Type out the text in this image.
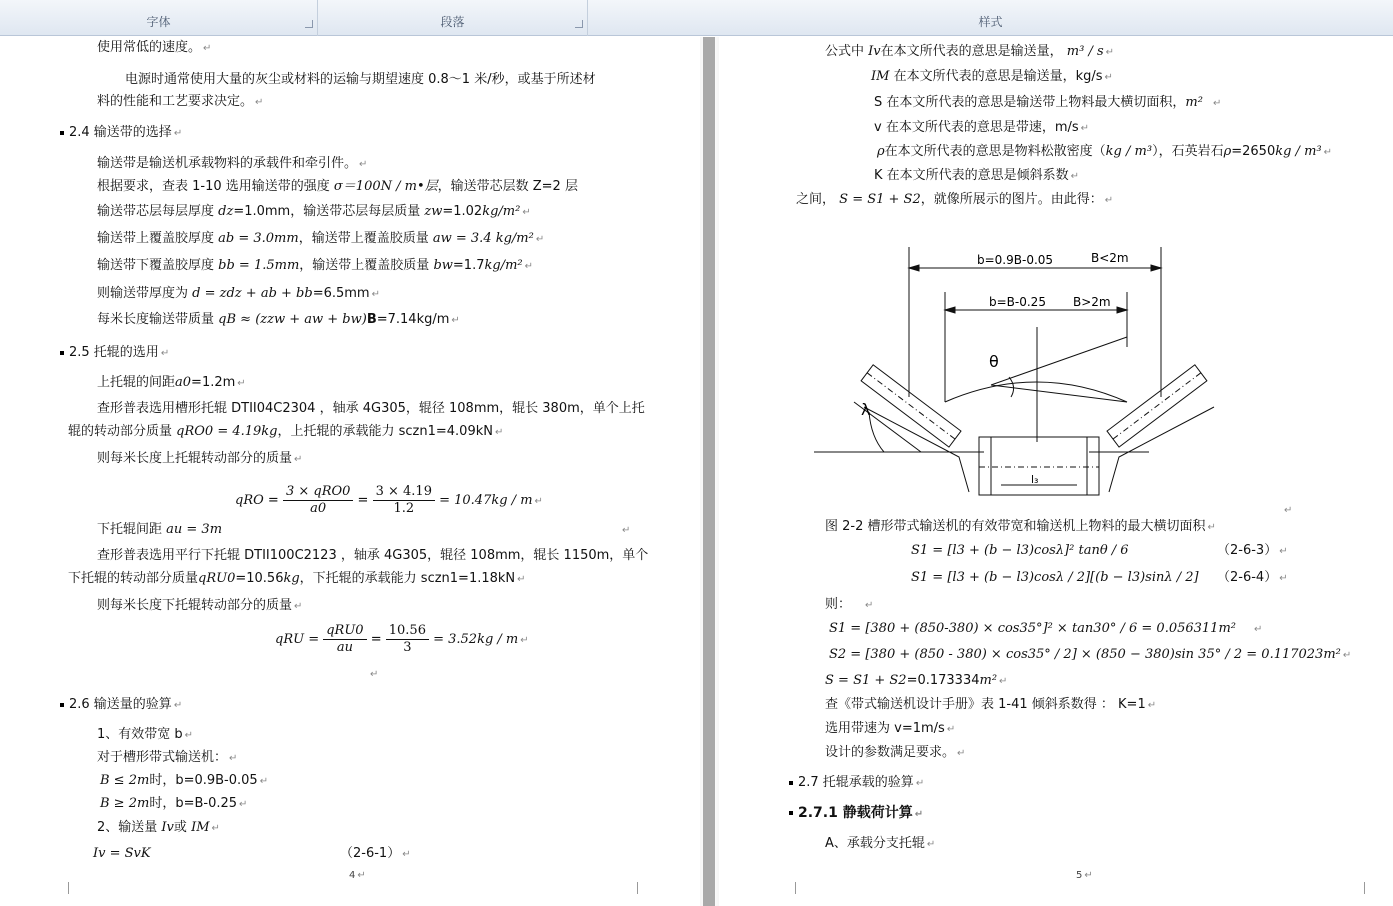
字体	段落	样式
使用常低的速度。 ↵
电源时通常使用大量的灰尘或材料的运输与期望速度 0.8～1 米/秒，或基于所述材
料的性能和工艺要求决定。 ↵
2.4 输送带的选择 ↵
输送带是输送机承载物料的承载件和牵引件。 ↵
根据要求，查表 1-10 选用输送带的强度 σ＝100N / m•层，输送带芯层数 Z=2 层
输送带芯层每层厚度 dz=1.0mm，输送带芯层每层质量 zw=1.02kg/m² ↵
输送带上覆盖胶厚度 ab = 3.0mm，输送带上覆盖胶质量 aw = 3.4 kg/m² ↵
输送带下覆盖胶厚度 bb = 1.5mm，输送带上覆盖胶质量 bw=1.7kg/m² ↵
则输送带厚度为 d = zdz + ab + bb=6.5mm ↵
每米长度输送带质量 qB ≈ (zzw + aw + bw)B=7.14kg/m ↵
2.5 托辊的选用 ↵
上托辊的间距a0=1.2m ↵
查形普表选用槽形托辊 DTII04C2304 ，轴承 4G305，辊径 108mm，辊长 380m，单个上托
辊的转动部分质量 qRO0 = 4.19kg，上托辊的承载能力 sczn1=4.09kN ↵
则每米长度上托辊转动部分的质量 ↵
qRO = $\frac{\text{3 × qRO0}}{a0} = \frac{3 \times 4.19}{1.2} = 10.47kg / m$ ↵
下托辊间距 au = 3m	↵
查形普表选用平行下托辊 DTII100C2123 ，轴承 4G305，辊径 108mm，辊长 1150m，单个
下托辊的转动部分质量qRU0=10.56kg，下托辊的承载能力 sczn1=1.18kN ↵
则每米长度下托辊转动部分的质量 ↵
qRU = $\frac{\text{qRU0}}{au} = \frac{10.56}{3} = 3.52kg / m$ ↵
↵
2.6 输送量的验算 ↵
1、有效带宽 b ↵
对于槽形带式输送机： ↵
B ≤ 2m时，b=0.9B-0.05 ↵
B ≥ 2m时，b=B-0.25 ↵
2、输送量 Iv或 IM ↵
Iv = SvK	（2-6-1） ↵
4 ↵
公式中 Iv在本文所代表的意思是输送量， m³ / s ↵
IM 在本文所代表的意思是输送量，kg/s ↵
S 在本文所代表的意思是输送带上物料最大横切面积，m² ↵
v 在本文所代表的意思是带速，m/s ↵
ρ在本文所代表的意思是物料松散密度（kg / m³），石英岩石ρ=2650kg / m³ ↵
K 在本文所代表的意思是倾斜系数 ↵
之间， S = S1 + S2，就像所展示的图片。由此得： ↵
b=0.9B-0.05	B<2m
b=B-0.25 B>2m
θ
λ
l₃
↵
图 2-2 槽形带式输送机的有效带宽和输送机上物料的最大横切面积 ↵
S1 = [l3 + (b − l3)cosλ]² tanθ / 6	（2-6-3） ↵
S1 = [l3 + (b − l3)cosλ / 2][(b − l3)sinλ / 2] （2-6-4） ↵
则： ↵
S1 = [380 + (850-380) × cos35°]² × tan30° / 6 = 0.056311m² ↵
S2 = [380 + (850 - 380) × cos35° / 2] × (850 − 380)sin 35° / 2 = 0.117023m² ↵
S = S1 + S2=0.173334m² ↵
查《带式输送机设计手册》表 1-41 倾斜系数得 ： K=1 ↵
选用带速为 v=1m/s ↵
设计的参数满足要求。 ↵
2.7 托辊承载的验算 ↵
2.7.1 静载荷计算 ↵
A、承载分支托辊 ↵
5 ↵
